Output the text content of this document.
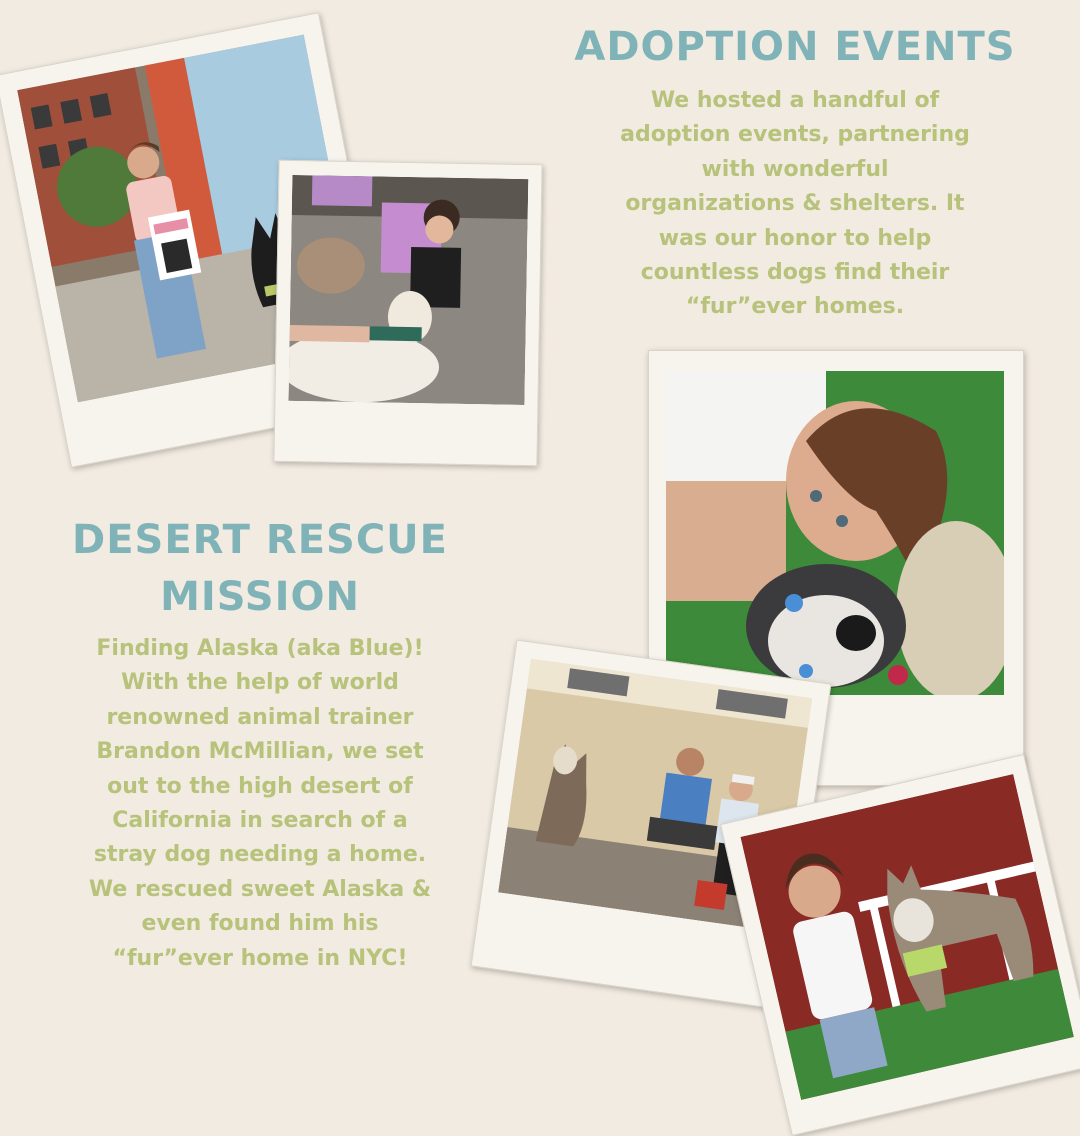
ADOPTION EVENTS
We hosted a handful of
adoption events, partnering
with wonderful
organizations & shelters. It
was our honor to help
countless dogs find their
“fur”ever homes.
DESERT RESCUE
MISSION
Finding Alaska (aka Blue)!
With the help of world
renowned animal trainer
Brandon McMillian, we set
out to the high desert of
California in search of a
stray dog needing a home.
We rescued sweet Alaska &
even found him his
“fur”ever home in NYC!
